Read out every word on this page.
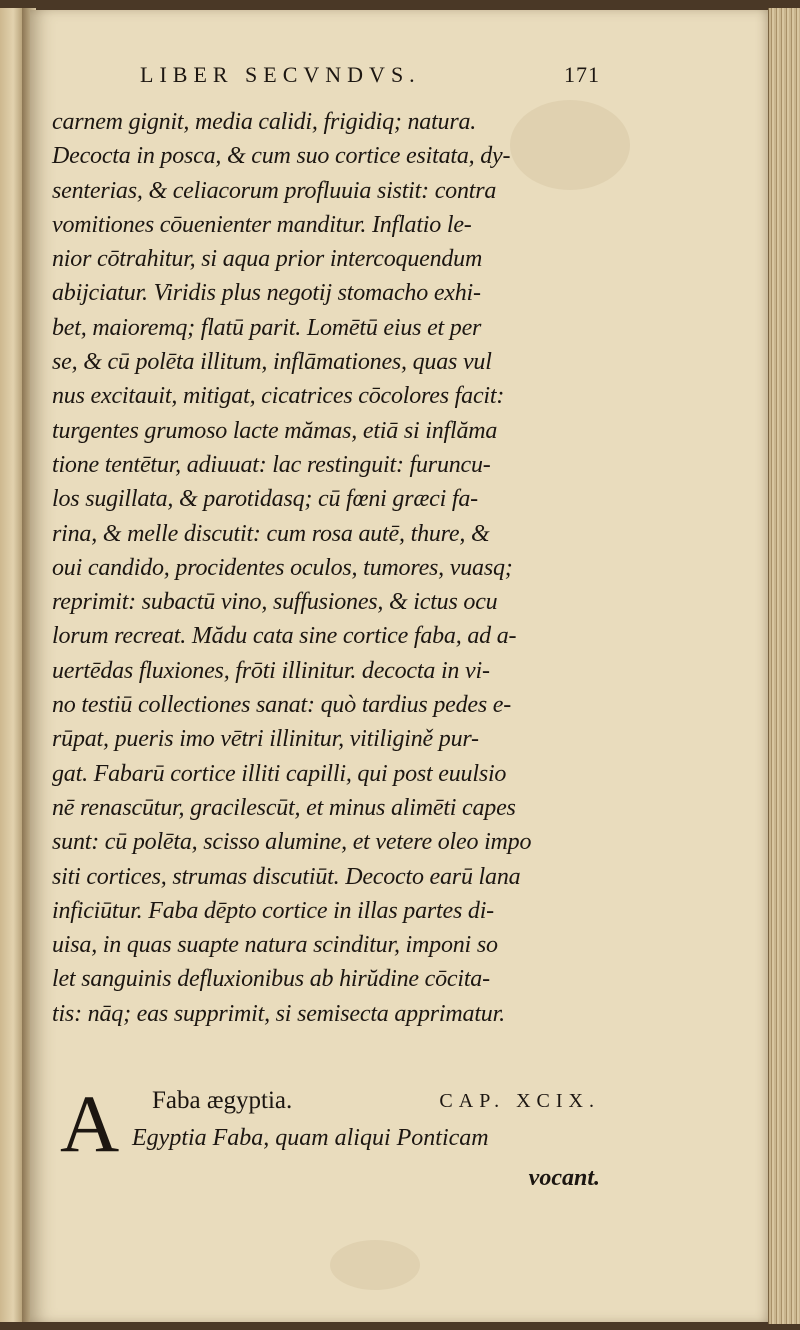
LIBER SECVNDVS.	171
carnem gignit, media calidi, frigidiq; natura.
Decocta in posca, & cum suo cortice esitata, dy-
senterias, & celiacorum profluuia sistit: contra
vomitiones cōuenienter manditur. Inflatio le-
nior cōtrahitur, si aqua prior intercoquendum
abijciatur. Viridis plus negotij stomacho exhi-
bet, maioremq; flatū parit. Lomētū eius et per
se, & cū polēta illitum, inflāmationes, quas vul
nus excitauit, mitigat, cicatrices cōcolores facit:
turgentes grumoso lacte mămas, etiā si inflăma
tione tentētur, adiuuat: lac restinguit: furuncu-
los sugillata, & parotidasq; cū fœni græci fa-
rina, & melle discutit: cum rosa autē, thure, &
oui candido, procidentes oculos, tumores, vuasq;
reprimit: subactū vino, suffusiones, & ictus ocu
lorum recreat. Mădu cata sine cortice faba, ad a-
uertēdas fluxiones, frōti illinitur. decocta in vi-
no testiū collectiones sanat: quò tardius pedes e-
rūpat, pueris imo vētri illinitur, vitiligině pur-
gat. Fabarū cortice illiti capilli, qui post euulsio
nē renascūtur, gracilescūt, et minus alimēti capes
sunt: cū polēta, scisso alumine, et vetere oleo impo
siti cortices, strumas discutiūt. Decocto earū lana
inficiūtur. Faba dēpto cortice in illas partes di-
uisa, in quas suapte natura scinditur, imponi so
let sanguinis defluxionibus ab hirŭdine cōcita-
tis: nāq; eas supprimit, si semisecta apprimatur.
A Faba ægyptia.	CAP. XCIX.
Egyptia Faba, quam aliqui Ponticam
vocant.
